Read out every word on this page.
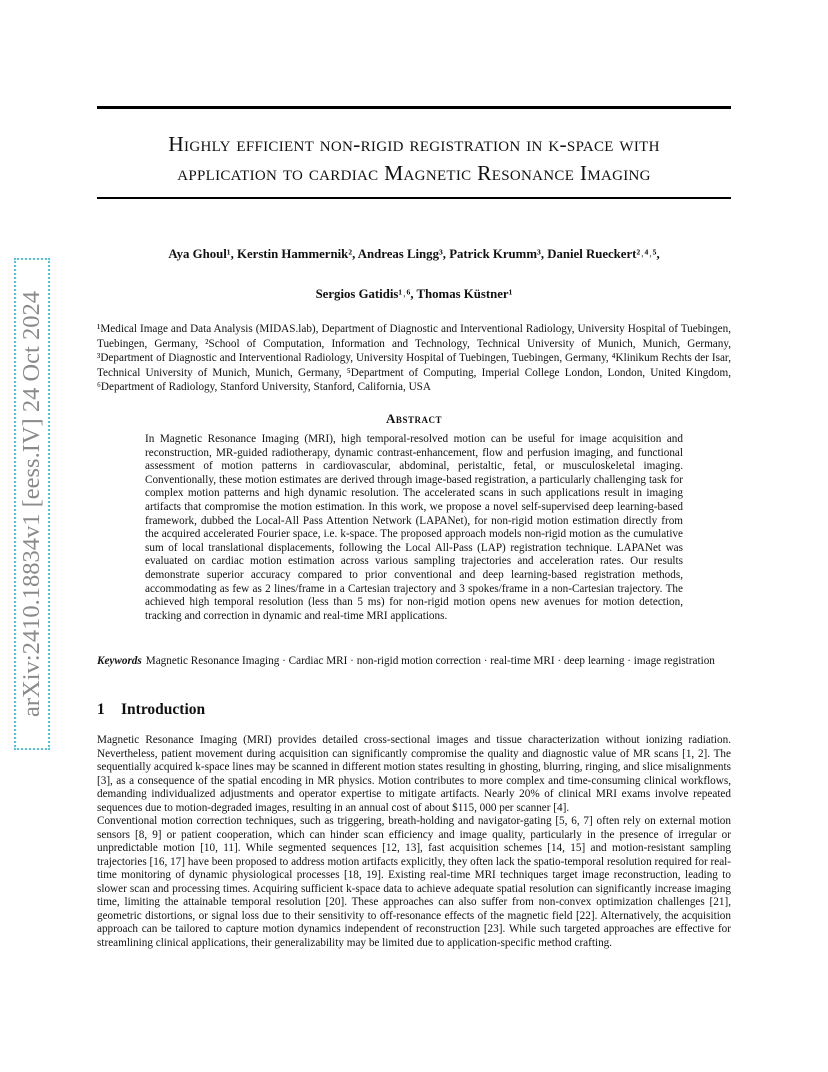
arXiv:2410.18834v1 [eess.IV] 24 Oct 2024
Highly efficient non-rigid registration in k-space with
application to cardiac Magnetic Resonance Imaging
Aya Ghoul¹, Kerstin Hammernik², Andreas Lingg³, Patrick Krumm³, Daniel Rueckert²˒⁴˒⁵,
Sergios Gatidis¹˒⁶, Thomas Küstner¹
¹Medical Image and Data Analysis (MIDAS.lab), Department of Diagnostic and Interventional Radiology, University Hospital of Tuebingen, Tuebingen, Germany, ²School of Computation, Information and Technology, Technical University of Munich, Munich, Germany, ³Department of Diagnostic and Interventional Radiology, University Hospital of Tuebingen, Tuebingen, Germany, ⁴Klinikum Rechts der Isar, Technical University of Munich, Munich, Germany, ⁵Department of Computing, Imperial College London, London, United Kingdom, ⁶Department of Radiology, Stanford University, Stanford, California, USA
Abstract
In Magnetic Resonance Imaging (MRI), high temporal-resolved motion can be useful for image acquisition and reconstruction, MR-guided radiotherapy, dynamic contrast-enhancement, flow and perfusion imaging, and functional assessment of motion patterns in cardiovascular, abdominal, peristaltic, fetal, or musculoskeletal imaging. Conventionally, these motion estimates are derived through image-based registration, a particularly challenging task for complex motion patterns and high dynamic resolution. The accelerated scans in such applications result in imaging artifacts that compromise the motion estimation. In this work, we propose a novel self-supervised deep learning-based framework, dubbed the Local-All Pass Attention Network (LAPANet), for non-rigid motion estimation directly from the acquired accelerated Fourier space, i.e. k-space. The proposed approach models non-rigid motion as the cumulative sum of local translational displacements, following the Local All-Pass (LAP) registration technique. LAPANet was evaluated on cardiac motion estimation across various sampling trajectories and acceleration rates. Our results demonstrate superior accuracy compared to prior conventional and deep learning-based registration methods, accommodating as few as 2 lines/frame in a Cartesian trajectory and 3 spokes/frame in a non-Cartesian trajectory. The achieved high temporal resolution (less than 5 ms) for non-rigid motion opens new avenues for motion detection, tracking and correction in dynamic and real-time MRI applications.
Keywords Magnetic Resonance Imaging · Cardiac MRI · non-rigid motion correction · real-time MRI · deep learning · image registration
1 Introduction

Magnetic Resonance Imaging (MRI) provides detailed cross-sectional images and tissue characterization without ionizing radiation. Nevertheless, patient movement during acquisition can significantly compromise the quality and diagnostic value of MR scans [1, 2]. The sequentially acquired k-space lines may be scanned in different motion states resulting in ghosting, blurring, ringing, and slice misalignments [3], as a consequence of the spatial encoding in MR physics. Motion contributes to more complex and time-consuming clinical workflows, demanding individualized adjustments and operator expertise to mitigate artifacts. Nearly 20% of clinical MRI exams involve repeated sequences due to motion-degraded images, resulting in an annual cost of about $115, 000 per scanner [4].

Conventional motion correction techniques, such as triggering, breath-holding and navigator-gating [5, 6, 7] often rely on external motion sensors [8, 9] or patient cooperation, which can hinder scan efficiency and image quality, particularly in the presence of irregular or unpredictable motion [10, 11]. While segmented sequences [12, 13], fast acquisition schemes [14, 15] and motion-resistant sampling trajectories [16, 17] have been proposed to address motion artifacts explicitly, they often lack the spatio-temporal resolution required for real-time monitoring of dynamic physiological processes [18, 19]. Existing real-time MRI techniques target image reconstruction, leading to slower scan and processing times. Acquiring sufficient k-space data to achieve adequate spatial resolution can significantly increase imaging time, limiting the attainable temporal resolution [20]. These approaches can also suffer from non-convex optimization challenges [21], geometric distortions, or signal loss due to their sensitivity to off-resonance effects of the magnetic field [22]. Alternatively, the acquisition approach can be tailored to capture motion dynamics independent of reconstruction [23]. While such targeted approaches are effective for streamlining clinical applications, their generalizability may be limited due to application-specific method crafting.
